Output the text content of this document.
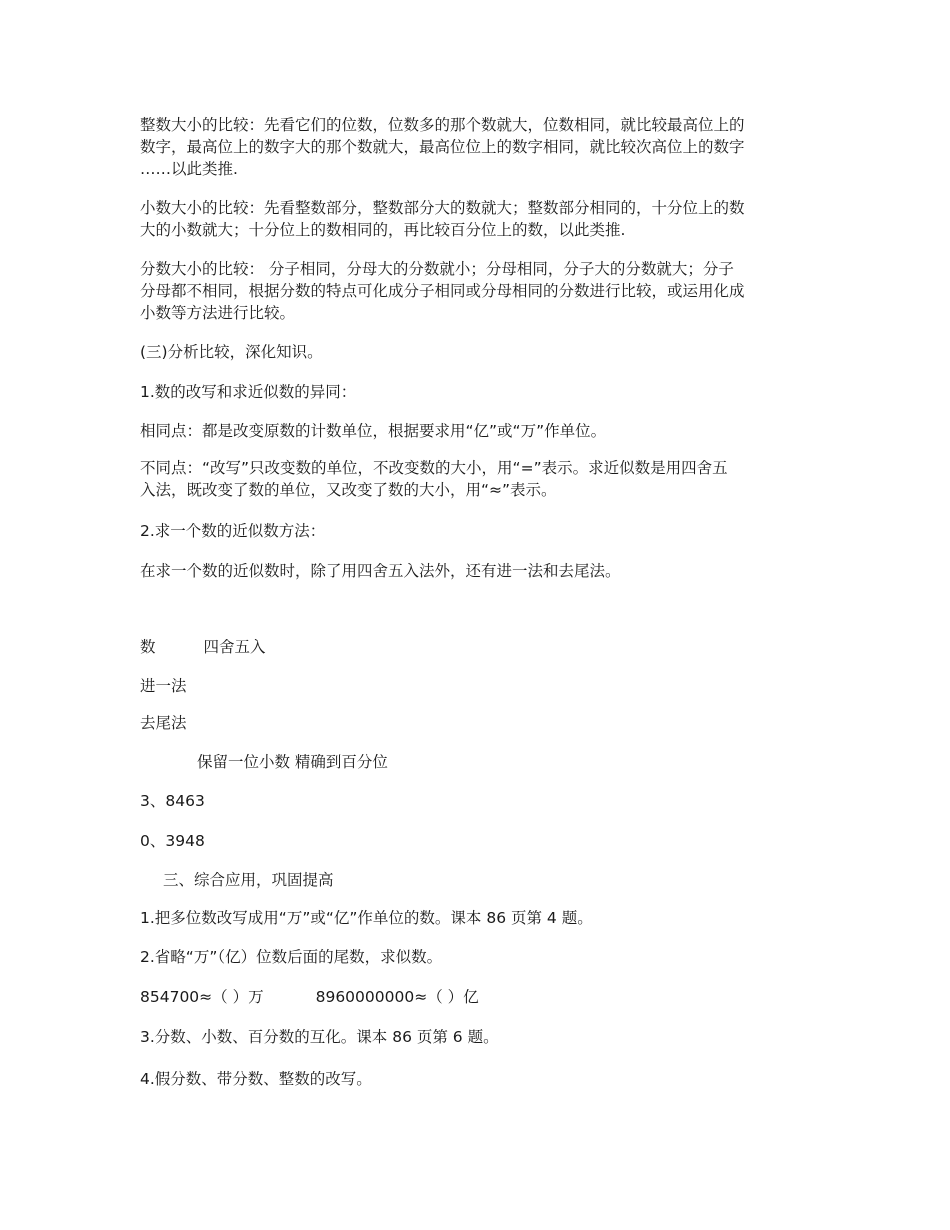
整数大小的比较：先看它们的位数，位数多的那个数就大，位数相同，就比较最高位上的
数字，最高位上的数字大的那个数就大，最高位位上的数字相同，就比较次高位上的数字
……以此类推.
小数大小的比较：先看整数部分，整数部分大的数就大；整数部分相同的，十分位上的数
大的小数就大；十分位上的数相同的，再比较百分位上的数，以此类推.
分数大小的比较： 分子相同，分母大的分数就小；分母相同，分子大的分数就大；分子
分母都不相同，根据分数的特点可化成分子相同或分母相同的分数进行比较，或运用化成
小数等方法进行比较。
(三)分析比较，深化知识。
1.数的改写和求近似数的异同：
相同点：都是改变原数的计数单位，根据要求用“亿”或“万”作单位。
不同点：“改写”只改变数的单位，不改变数的大小，用“=”表示。求近似数是用四舍五
入法，既改变了数的单位，又改变了数的大小，用“≈”表示。
2.求一个数的近似数方法：
在求一个数的近似数时，除了用四舍五入法外，还有进一法和去尾法。
数	四舍五入
进一法
去尾法
保留一位小数 精确到百分位
3、8463
0、3948
三、综合应用，巩固提高
1.把多位数改写成用“万”或“亿”作单位的数。课本 86 页第 4 题。
2.省略“万”（亿）位数后面的尾数，求似数。
854700≈（ ）万	8960000000≈（ ）亿
3.分数、小数、百分数的互化。课本 86 页第 6 题。
4.假分数、带分数、整数的改写。
